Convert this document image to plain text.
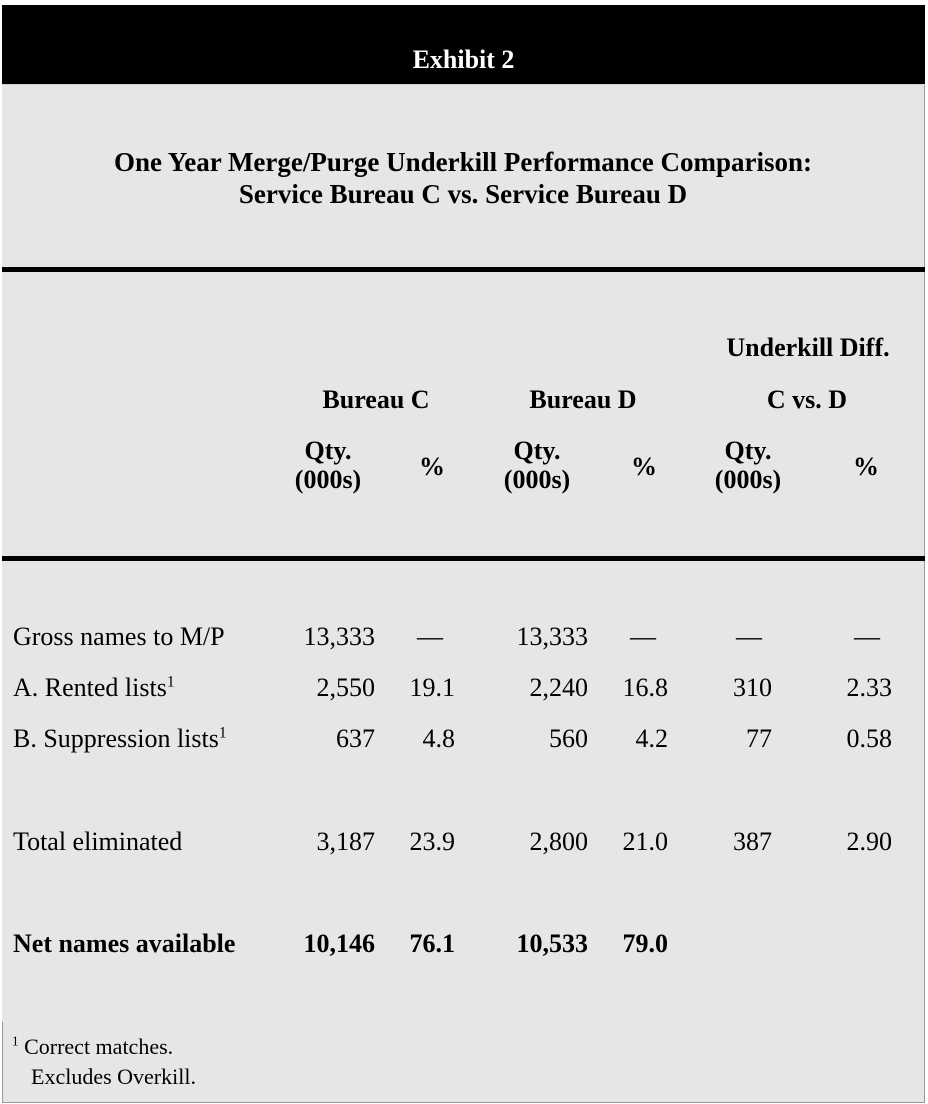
Exhibit 2
One Year Merge/Purge Underkill Performance Comparison:
Service Bureau C vs. Service Bureau D
Underkill Diff.
Bureau C	Bureau D	C vs. D
Qty.
(000s)	%
Qty.
(000s)	%
Qty.
(000s)	%
Gross names to M/P	13,333	—	13,333	—	—	—
A. Rented lists$^1$	2,550	19.1	2,240	16.8	310	2.33
B. Suppression lists$^1$	637	4.8	560	4.2	77	0.58
Total eliminated	3,187	23.9	2,800	21.0	387	2.90
Net names available	10,146	76.1	10,533	79.0
$^1$ Correct matches.
Excludes Overkill.
